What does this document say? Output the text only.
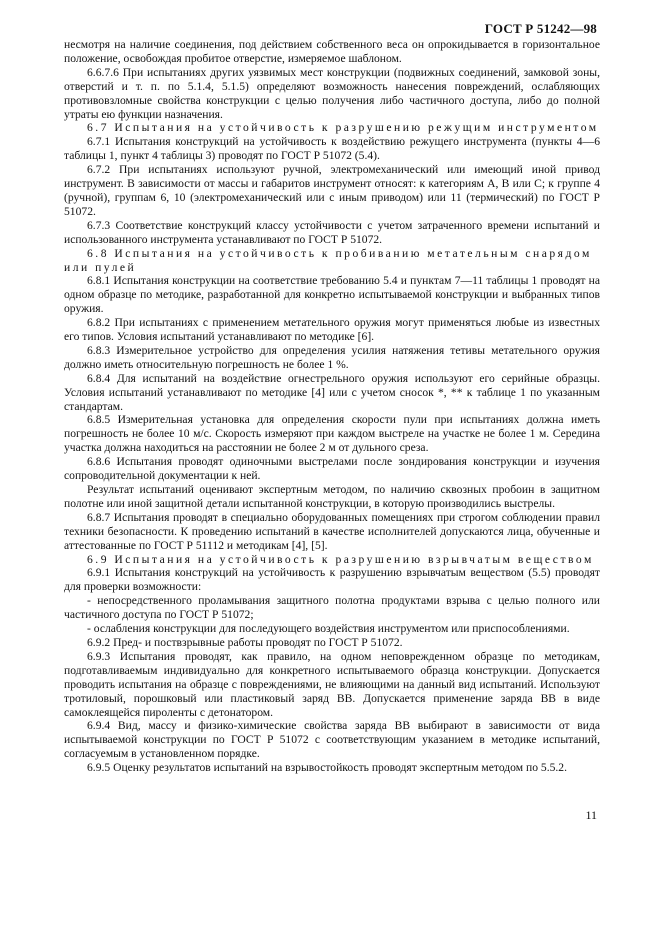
ГОСТ Р 51242—98

несмотря на наличие соединения, под действием собственного веса он опрокидывается в горизонтальное положение, освобождая пробитое отверстие, измеряемое шаблоном.

6.6.7.6 При испытаниях других уязвимых мест конструкции (подвижных соединений, замковой зоны, отверстий и т. п. по 5.1.4, 5.1.5) определяют возможность нанесения повреждений, ослабляющих противовзломные свойства конструкции с целью получения либо частичного доступа, либо до полной утраты ею функции назначения.

6.7 Испытания на устойчивость к разрушению режущим инструментом

6.7.1 Испытания конструкций на устойчивость к воздействию режущего инструмента (пункты 4—6 таблицы 1, пункт 4 таблицы 3) проводят по ГОСТ Р 51072 (5.4).

6.7.2 При испытаниях используют ручной, электромеханический или имеющий иной привод инструмент. В зависимости от массы и габаритов инструмент относят: к категориям А, В или С; к группе 4 (ручной), группам 6, 10 (электромеханический или с иным приводом) или 11 (термический) по ГОСТ Р 51072.

6.7.3 Соответствие конструкций классу устойчивости с учетом затраченного времени испытаний и использованного инструмента устанавливают по ГОСТ Р 51072.

6.8 Испытания на устойчивость к пробиванию метательным снарядом или пулей

6.8.1 Испытания конструкции на соответствие требованию 5.4 и пунктам 7—11 таблицы 1 проводят на одном образце по методике, разработанной для конкретно испытываемой конструкции и выбранных типов оружия.

6.8.2 При испытаниях с применением метательного оружия могут применяться любые из известных его типов. Условия испытаний устанавливают по методике [6].

6.8.3 Измерительное устройство для определения усилия натяжения тетивы метательного оружия должно иметь относительную погрешность не более 1 %.

6.8.4 Для испытаний на воздействие огнестрельного оружия используют его серийные образцы. Условия испытаний устанавливают по методике [4] или с учетом сносок *, ** к таблице 1 по указанным стандартам.

6.8.5 Измерительная установка для определения скорости пули при испытаниях должна иметь погрешность не более 10 м/с. Скорость измеряют при каждом выстреле на участке не более 1 м. Середина участка должна находиться на расстоянии не более 2 м от дульного среза.

6.8.6 Испытания проводят одиночными выстрелами после зондирования конструкции и изучения сопроводительной документации к ней.

Результат испытаний оценивают экспертным методом, по наличию сквозных пробоин в защитном полотне или иной защитной детали испытанной конструкции, в которую производились выстрелы.

6.8.7 Испытания проводят в специально оборудованных помещениях при строгом соблюдении правил техники безопасности. К проведению испытаний в качестве исполнителей допускаются лица, обученные и аттестованные по ГОСТ Р 51112 и методикам [4], [5].

6.9 Испытания на устойчивость к разрушению взрывчатым веществом

6.9.1 Испытания конструкций на устойчивость к разрушению взрывчатым веществом (5.5) проводят для проверки возможности:

- непосредственного проламывания защитного полотна продуктами взрыва с целью полного или частичного доступа по ГОСТ Р 51072;

- ослабления конструкции для последующего воздействия инструментом или приспособлениями.

6.9.2 Пред- и поствзрывные работы проводят по ГОСТ Р 51072.

6.9.3 Испытания проводят, как правило, на одном неповрежденном образце по методикам, подготавливаемым индивидуально для конкретного испытываемого образца конструкции. Допускается проводить испытания на образце с повреждениями, не влияющими на данный вид испытаний. Используют тротиловый, порошковый или пластиковый заряд ВВ. Допускается применение заряда ВВ в виде самоклеящейся пироленты с детонатором.

6.9.4 Вид, массу и физико-химические свойства заряда ВВ выбирают в зависимости от вида испытываемой конструкции по ГОСТ Р 51072 с соответствующим указанием в методике испытаний, согласуемым в установленном порядке.

6.9.5 Оценку результатов испытаний на взрывостойкость проводят экспертным методом по 5.5.2.

11
